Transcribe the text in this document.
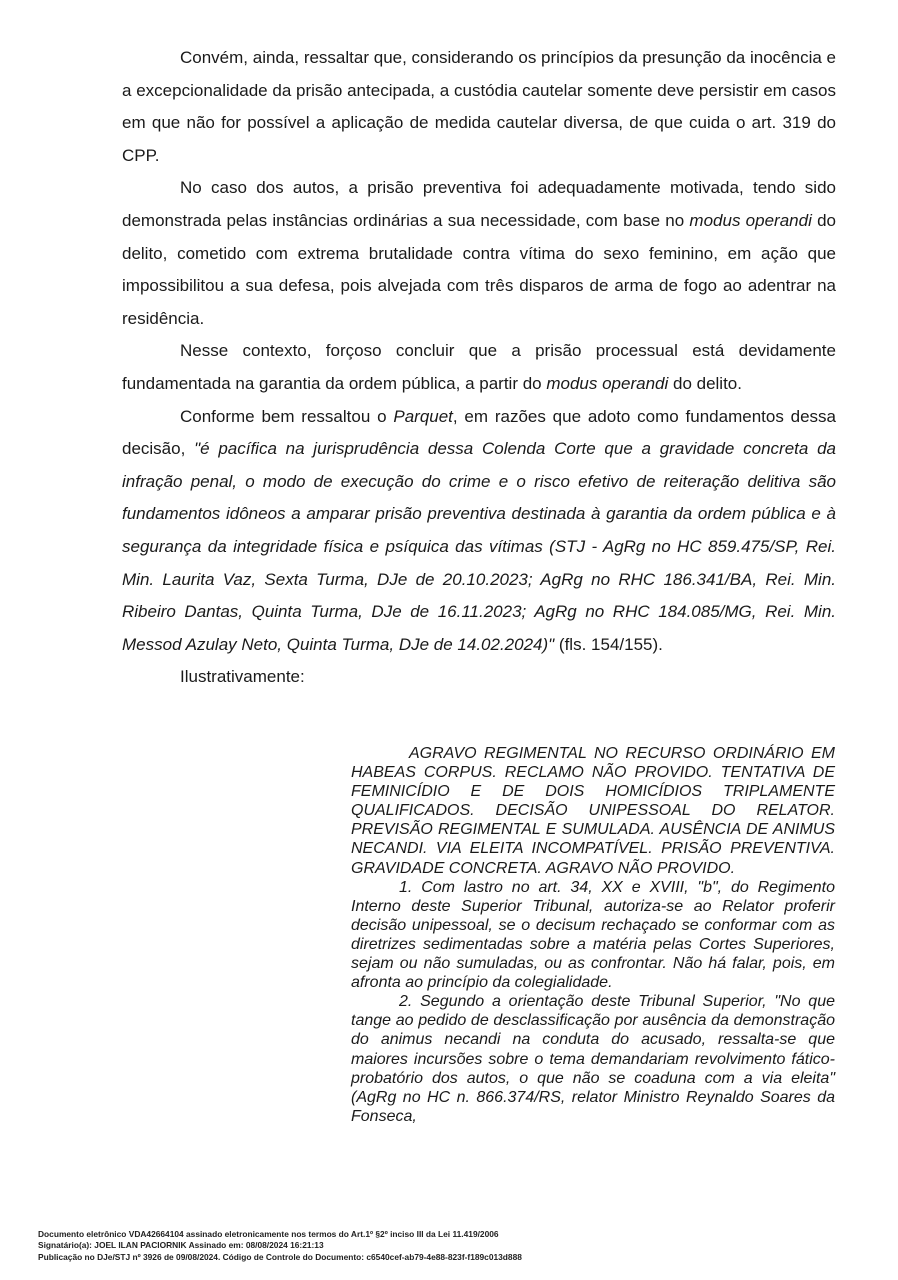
Convém, ainda, ressaltar que, considerando os princípios da presunção da inocência e a excepcionalidade da prisão antecipada, a custódia cautelar somente deve persistir em casos em que não for possível a aplicação de medida cautelar diversa, de que cuida o art. 319 do CPP.

No caso dos autos, a prisão preventiva foi adequadamente motivada, tendo sido demonstrada pelas instâncias ordinárias a sua necessidade, com base no modus operandi do delito, cometido com extrema brutalidade contra vítima do sexo feminino, em ação que impossibilitou a sua defesa, pois alvejada com três disparos de arma de fogo ao adentrar na residência.

Nesse contexto, forçoso concluir que a prisão processual está devidamente fundamentada na garantia da ordem pública, a partir do modus operandi do delito.

Conforme bem ressaltou o Parquet, em razões que adoto como fundamentos dessa decisão, "é pacífica na jurisprudência dessa Colenda Corte que a gravidade concreta da infração penal, o modo de execução do crime e o risco efetivo de reiteração delitiva são fundamentos idôneos a amparar prisão preventiva destinada à garantia da ordem pública e à segurança da integridade física e psíquica das vítimas (STJ - AgRg no HC 859.475/SP, Rei. Min. Laurita Vaz, Sexta Turma, DJe de 20.10.2023; AgRg no RHC 186.341/BA, Rei. Min. Ribeiro Dantas, Quinta Turma, DJe de 16.11.2023; AgRg no RHC 184.085/MG, Rei. Min. Messod Azulay Neto, Quinta Turma, DJe de 14.02.2024)" (fls. 154/155).

Ilustrativamente:

AGRAVO REGIMENTAL NO RECURSO ORDINÁRIO EM HABEAS CORPUS. RECLAMO NÃO PROVIDO. TENTATIVA DE FEMINICÍDIO E DE DOIS HOMICÍDIOS TRIPLAMENTE QUALIFICADOS. DECISÃO UNIPESSOAL DO RELATOR. PREVISÃO REGIMENTAL E SUMULADA. AUSÊNCIA DE ANIMUS NECANDI. VIA ELEITA INCOMPATÍVEL. PRISÃO PREVENTIVA.

GRAVIDADE CONCRETA. AGRAVO NÃO PROVIDO.

1. Com lastro no art. 34, XX e XVIII, "b", do Regimento Interno deste Superior Tribunal, autoriza-se ao Relator proferir decisão unipessoal, se o decisum rechaçado se conformar com as diretrizes sedimentadas sobre a matéria pelas Cortes Superiores, sejam ou não sumuladas, ou as confrontar. Não há falar, pois, em afronta ao princípio da colegialidade.

2. Segundo a orientação deste Tribunal Superior, "No que tange ao pedido de desclassificação por ausência da demonstração do animus necandi na conduta do acusado, ressalta-se que maiores incursões sobre o tema demandariam revolvimento fático-probatório dos autos, o que não se coaduna com a via eleita" (AgRg no HC n. 866.374/RS, relator Ministro Reynaldo Soares da Fonseca,

Documento eletrônico VDA42664104 assinado eletronicamente nos termos do Art.1º §2º inciso III da Lei 11.419/2006
Signatário(a): JOEL ILAN PACIORNIK Assinado em: 08/08/2024 16:21:13
Publicação no DJe/STJ nº 3926 de 09/08/2024. Código de Controle do Documento: c6540cef-ab79-4e88-823f-f189c013d888
